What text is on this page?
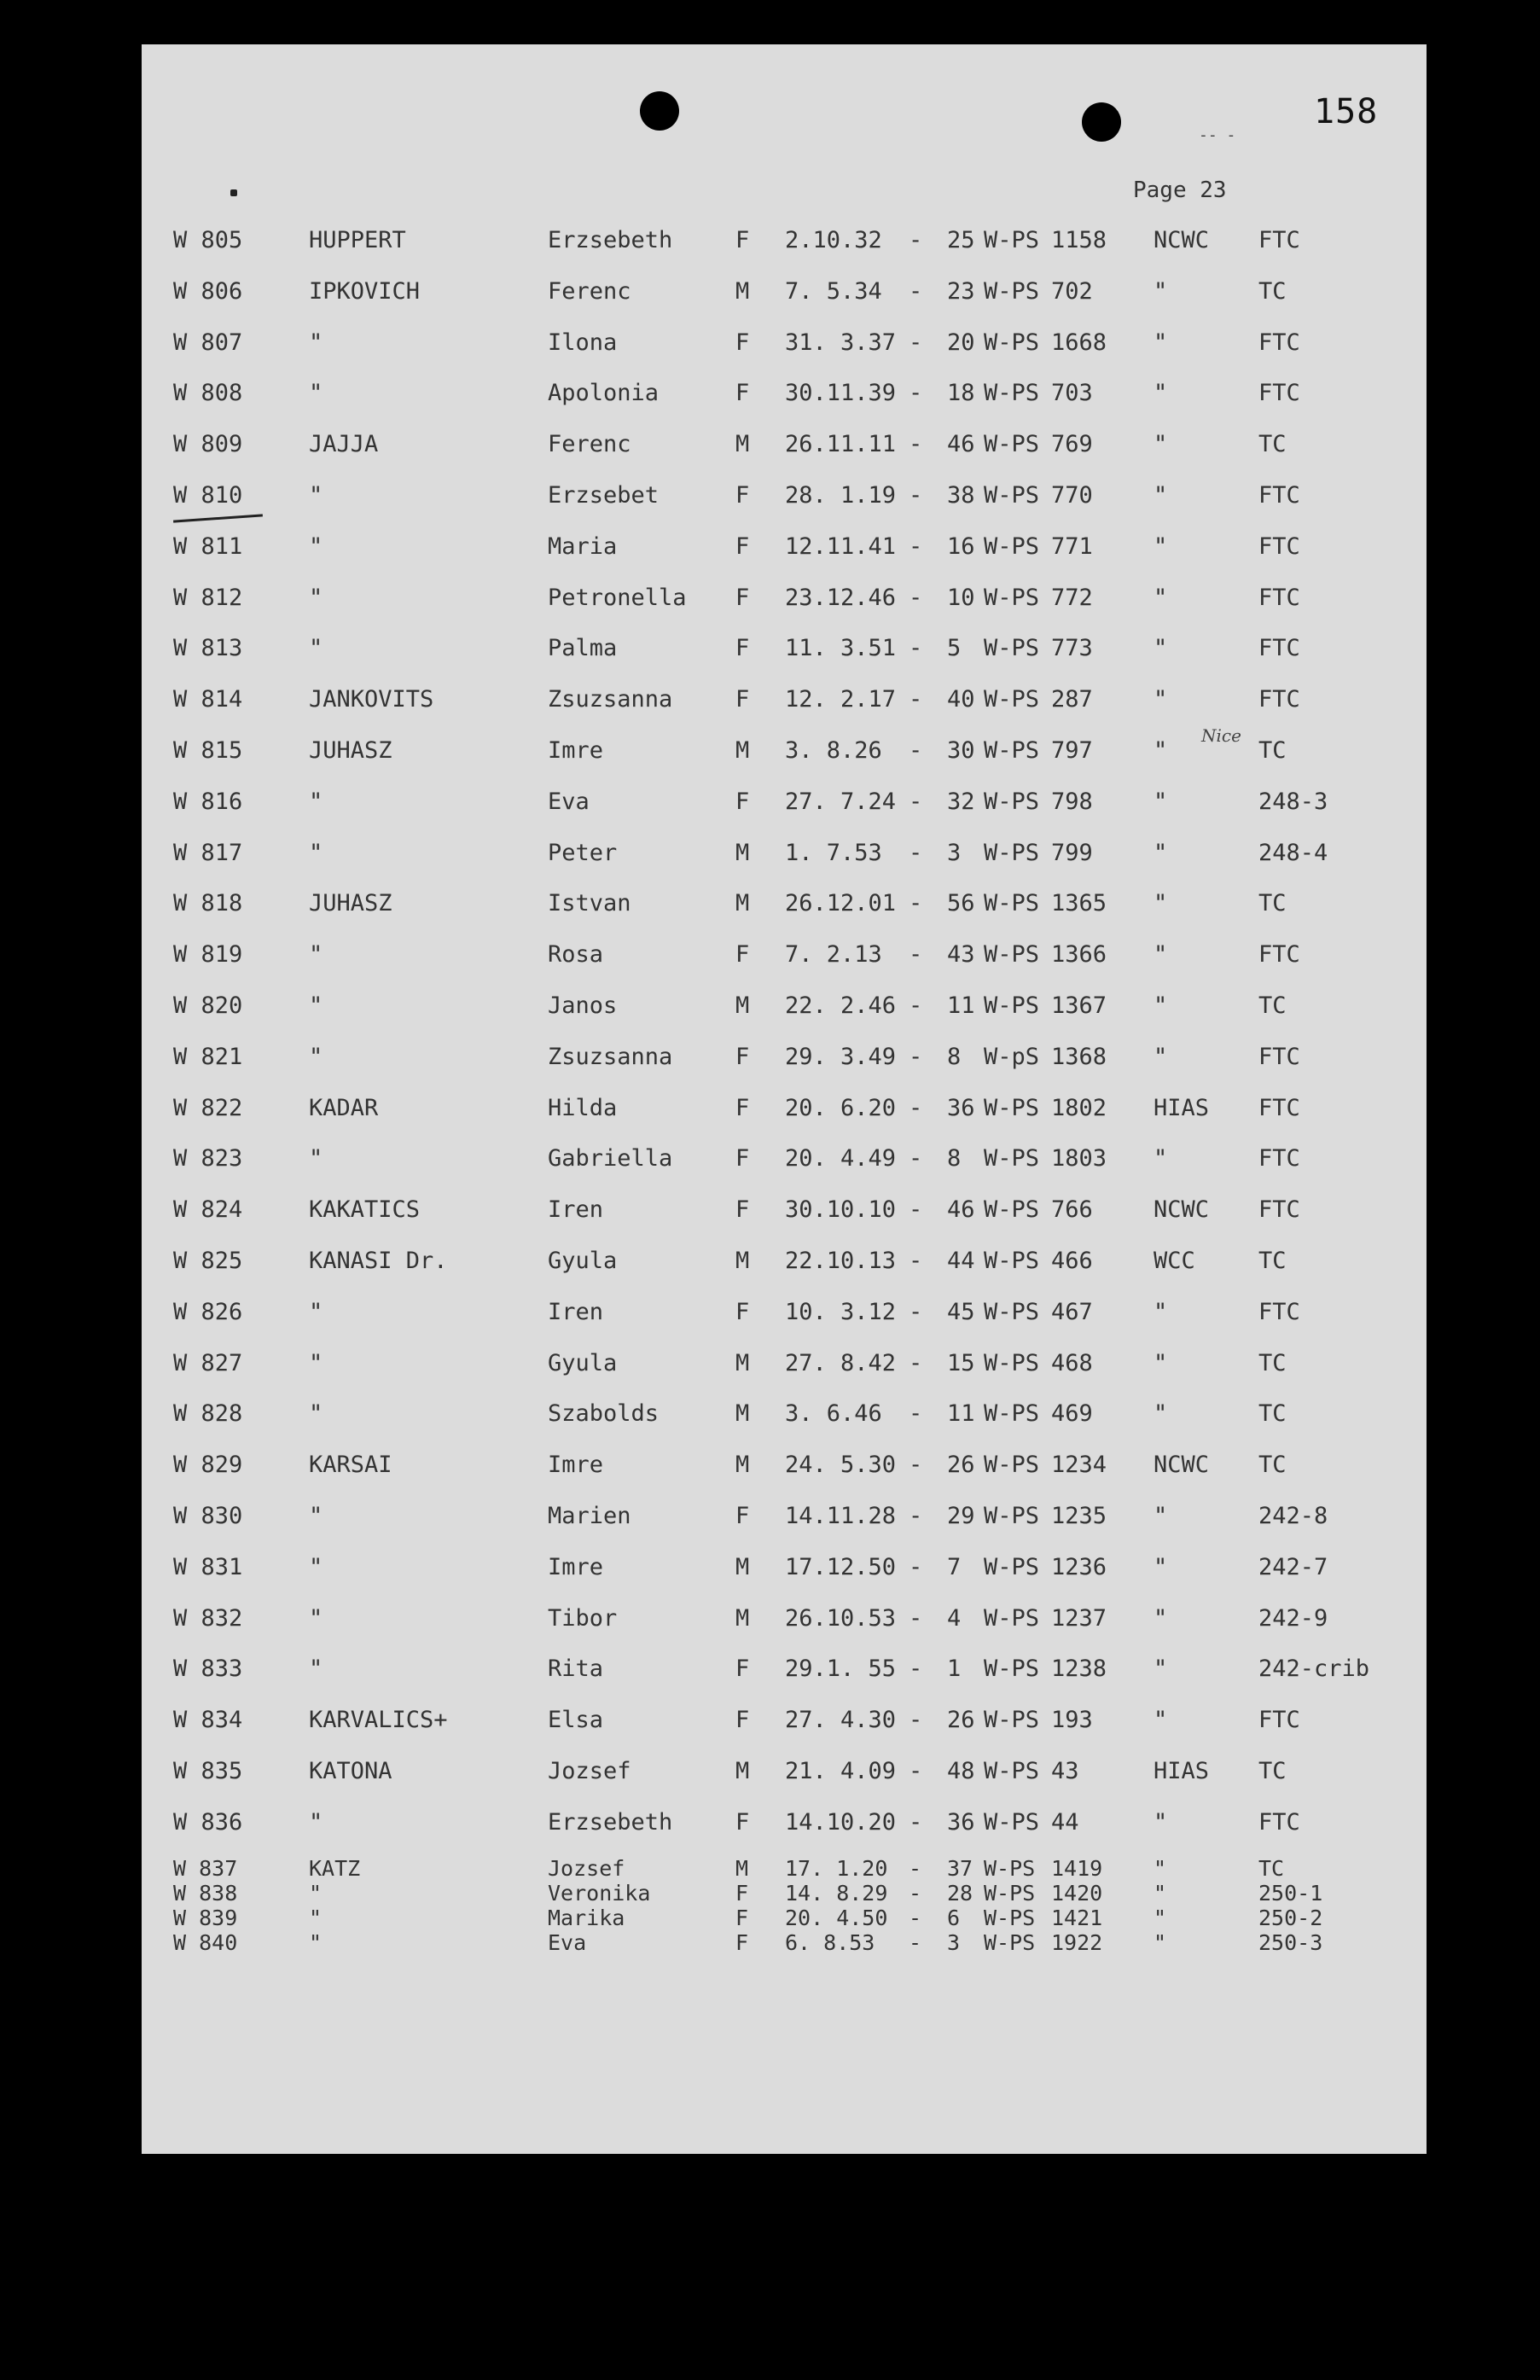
-- -
158
Page 23
Nice
W 805	HUPPERT	Erzsebeth	F 2.10.32 - 25 W-PS 1158 NCWC FTC
W 806	IPKOVICH	Ferenc	M 7. 5.34 - 23 W-PS 702	"	TC
W 807	"	Ilona	F 31. 3.37 - 20 W-PS 1668 "	FTC
W 808	"	Apolonia	F 30.11.39 - 18 W-PS 703	"	FTC
W 809	JAJJA	Ferenc	M 26.11.11 - 46 W-PS 769	"	TC
W 810	"	Erzsebet	F 28. 1.19 - 38 W-PS 770	"	FTC
W 811	"	Maria	F 12.11.41 - 16 W-PS 771	"	FTC
W 812	"	Petronella F 23.12.46 - 10 W-PS 772	"	FTC
W 813	"	Palma	F 11. 3.51 - 5 W-PS 773	"	FTC
W 814	JANKOVITS	Zsuzsanna	F 12. 2.17 - 40 W-PS 287	"	FTC
W 815	JUHASZ	Imre	M 3. 8.26 - 30 W-PS 797	"	TC
W 816	"	Eva	F 27. 7.24 - 32 W-PS 798	"	248-3
W 817	"	Peter	M 1. 7.53 - 3 W-PS 799	"	248-4
W 818	JUHASZ	Istvan	M 26.12.01 - 56 W-PS 1365 "	TC
W 819	"	Rosa	F 7. 2.13 - 43 W-PS 1366 "	FTC
W 820	"	Janos	M 22. 2.46 - 11 W-PS 1367 "	TC
W 821	"	Zsuzsanna	F 29. 3.49 - 8 W-pS 1368 "	FTC
W 822	KADAR	Hilda	F 20. 6.20 - 36 W-PS 1802 HIAS FTC
W 823	"	Gabriella	F 20. 4.49 - 8 W-PS 1803 "	FTC
W 824	KAKATICS	Iren	F 30.10.10 - 46 W-PS 766	NCWC FTC
W 825	KANASI Dr.	Gyula	M 22.10.13 - 44 W-PS 466	WCC	TC
W 826	"	Iren	F 10. 3.12 - 45 W-PS 467	"	FTC
W 827	"	Gyula	M 27. 8.42 - 15 W-PS 468	"	TC
W 828	"	Szabolds	M 3. 6.46 - 11 W-PS 469	"	TC
W 829	KARSAI	Imre	M 24. 5.30 - 26 W-PS 1234 NCWC TC
W 830	"	Marien	F 14.11.28 - 29 W-PS 1235 "	242-8
W 831	"	Imre	M 17.12.50 - 7 W-PS 1236 "	242-7
W 832	"	Tibor	M 26.10.53 - 4 W-PS 1237 "	242-9
W 833	"	Rita	F 29.1. 55 - 1 W-PS 1238 "	242-crib
W 834	KARVALICS+	Elsa	F 27. 4.30 - 26 W-PS 193	"	FTC
W 835	KATONA	Jozsef	M 21. 4.09 - 48 W-PS 43	HIAS TC
W 836	"	Erzsebeth	F 14.10.20 - 36 W-PS 44	"	FTC
W 837	KATZ	Jozsef	M 17. 1.20 - 37 W-PS 1419 "	TC
W 838	"	Veronika	F 14. 8.29 - 28 W-PS 1420 "	250-1
W 839	"	Marika	F 20. 4.50 - 6 W-PS 1421 "	250-2
W 840	"	Eva	F 6. 8.53 - 3 W-PS 1922 "	250-3
